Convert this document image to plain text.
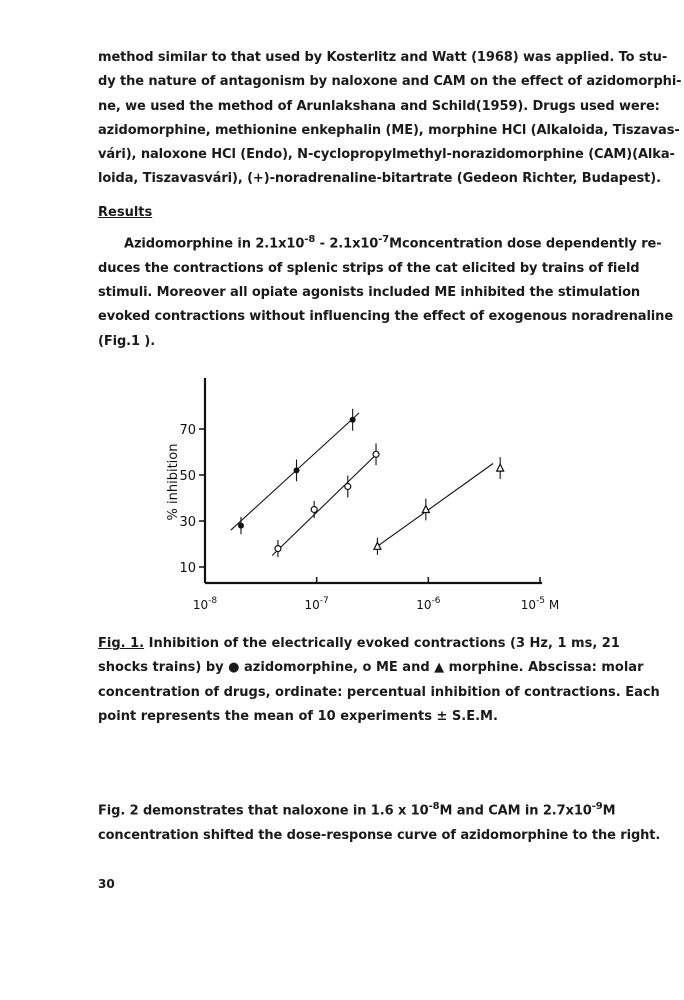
method similar to that used by Kosterlitz and Watt (1968) was applied. To stu-
dy the nature of antagonism by naloxone and CAM on the effect of azidomorphi-
ne, we used the method of Arunlakshana and Schild(1959). Drugs used were:
azidomorphine, methionine enkephalin (ME), morphine HCl (Alkaloida, Tiszavas-
vári), naloxone HCl (Endo), N-cyclopropylmethyl-norazidomorphine (CAM)(Alka-
loida, Tiszavasvári), (+)-noradrenaline-bitartrate (Gedeon Richter, Budapest).
Results
Azidomorphine in $2.1x10^{-8}$ - $2.1x10^{-7}Mconcentration$ dose dependently re-
duces the contractions of splenic strips of the cat elicited by trains of field
stimuli. Moreover all opiate agonists included ME inhibited the stimulation
evoked contractions without influencing the effect of exogenous noradrenaline
(Fig.1 ).
10
30
50
70
% inhibition
$10^{-8}$	$10^{-7}$	$10^{-6}$	$10^{-5}$ M
Fig. 1. Inhibition of the electrically evoked contractions (3 Hz, 1 ms, 21
shocks trains) by ● azidomorphine, o ME and ▲ morphine. Abscissa: molar
concentration of drugs, ordinate: percentual inhibition of contractions. Each
point represents the mean of 10 experiments ± S.E.M.
Fig. 2 demonstrates that naloxone in 1.6 x $10^{-8}M$ and CAM in $2.7x10^{-9}M$
concentration shifted the dose-response curve of azidomorphine to the right.
30
